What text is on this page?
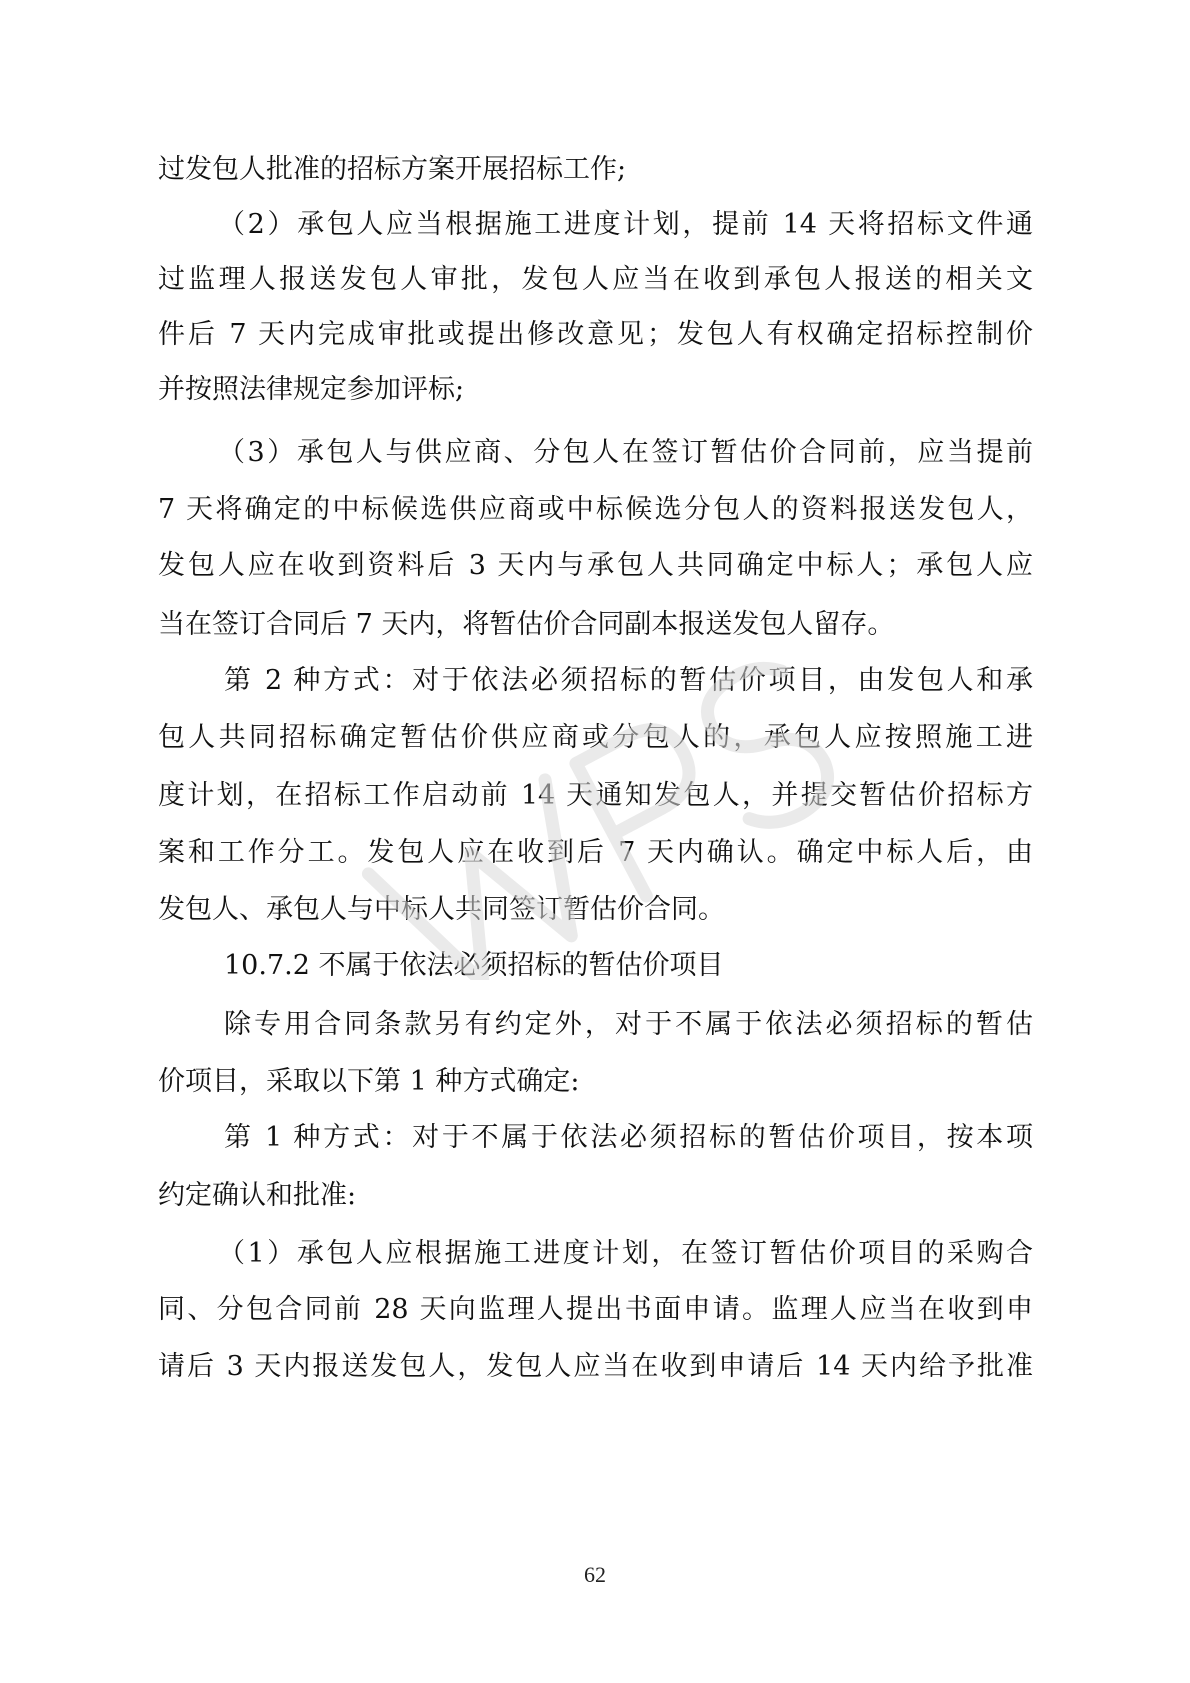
过发包人批准的招标方案开展招标工作;
（2）承包人应当根据施工进度计划，提前 14 天将招标文件通
过监理人报送发包人审批，发包人应当在收到承包人报送的相关文
件后 7 天内完成审批或提出修改意见；发包人有权确定招标控制价
并按照法律规定参加评标;
（3）承包人与供应商、分包人在签订暂估价合同前，应当提前
7 天将确定的中标候选供应商或中标候选分包人的资料报送发包人，
发包人应在收到资料后 3 天内与承包人共同确定中标人；承包人应
当在签订合同后 7 天内，将暂估价合同副本报送发包人留存。
第 2 种方式：对于依法必须招标的暂估价项目，由发包人和承
包人共同招标确定暂估价供应商或分包人的，承包人应按照施工进
度计划，在招标工作启动前 14 天通知发包人，并提交暂估价招标方
案和工作分工。发包人应在收到后 7 天内确认。确定中标人后，由
发包人、承包人与中标人共同签订暂估价合同。
10.7.2 不属于依法必须招标的暂估价项目
除专用合同条款另有约定外，对于不属于依法必须招标的暂估
价项目，采取以下第 1 种方式确定:
第 1 种方式：对于不属于依法必须招标的暂估价项目，按本项
约定确认和批准:
（1）承包人应根据施工进度计划，在签订暂估价项目的采购合
同、分包合同前 28 天向监理人提出书面申请。监理人应当在收到申
请后 3 天内报送发包人，发包人应当在收到申请后 14 天内给予批准
62
